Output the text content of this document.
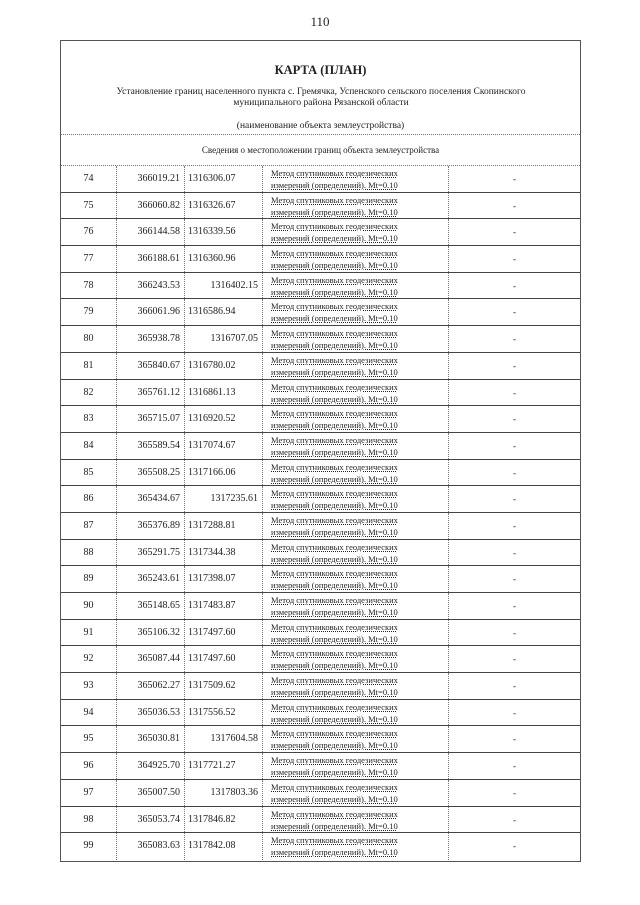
110
КАРТА (ПЛАН)
Установление границ населенного пункта с. Гремячка, Успенского сельского поселения Скопинского муниципального района Рязанской области
(наименование объекта землеустройства)
Сведения о местоположении границ объекта землеустройства
74	366019.21 1316306.07	Метод спутниковых геодезических
измерений (определений). Mt=0.10
-
75	366060.82 1316326.67	Метод спутниковых геодезических
измерений (определений). Mt=0.10
-
76	366144.58 1316339.56	Метод спутниковых геодезических
измерений (определений). Mt=0.10
-
77	366188.61 1316360.96	Метод спутниковых геодезических
измерений (определений). Mt=0.10
-
78	366243.53	1316402.15	Метод спутниковых геодезических
измерений (определений). Mt=0.10
-
79	366061.96 1316586.94	Метод спутниковых геодезических
измерений (определений). Mt=0.10
-
80	365938.78	1316707.05	Метод спутниковых геодезических
измерений (определений). Mt=0.10
-
81	365840.67 1316780.02	Метод спутниковых геодезических
измерений (определений). Mt=0.10
-
82	365761.12 1316861.13	Метод спутниковых геодезических
измерений (определений). Mt=0.10
-
83	365715.07 1316920.52	Метод спутниковых геодезических
измерений (определений). Mt=0.10
-
84	365589.54 1317074.67	Метод спутниковых геодезических
измерений (определений). Mt=0.10
-
85	365508.25 1317166.06	Метод спутниковых геодезических
измерений (определений). Mt=0.10
-
86	365434.67	1317235.61	Метод спутниковых геодезических
измерений (определений). Mt=0.10
-
87	365376.89 1317288.81	Метод спутниковых геодезических
измерений (определений). Mt=0.10
-
88	365291.75 1317344.38	Метод спутниковых геодезических
измерений (определений). Mt=0.10
-
89	365243.61 1317398.07	Метод спутниковых геодезических
измерений (определений). Mt=0.10
-
90	365148.65 1317483.87	Метод спутниковых геодезических
измерений (определений). Mt=0.10
-
91	365106.32 1317497.60	Метод спутниковых геодезических
измерений (определений). Mt=0.10
-
92	365087.44 1317497.60	Метод спутниковых геодезических
измерений (определений). Mt=0.10
-
93	365062.27 1317509.62	Метод спутниковых геодезических
измерений (определений). Mt=0.10
-
94	365036.53 1317556.52	Метод спутниковых геодезических
измерений (определений). Mt=0.10
-
95	365030.81	1317604.58	Метод спутниковых геодезических
измерений (определений). Mt=0.10
-
96	364925.70 1317721.27	Метод спутниковых геодезических
измерений (определений). Mt=0.10
-
97	365007.50	1317803.36	Метод спутниковых геодезических
измерений (определений). Mt=0.10
-
98	365053.74 1317846.82	Метод спутниковых геодезических
измерений (определений). Mt=0.10
-
99	365083.63 1317842.08	Метод спутниковых геодезических
измерений (определений). Mt=0.10
-
